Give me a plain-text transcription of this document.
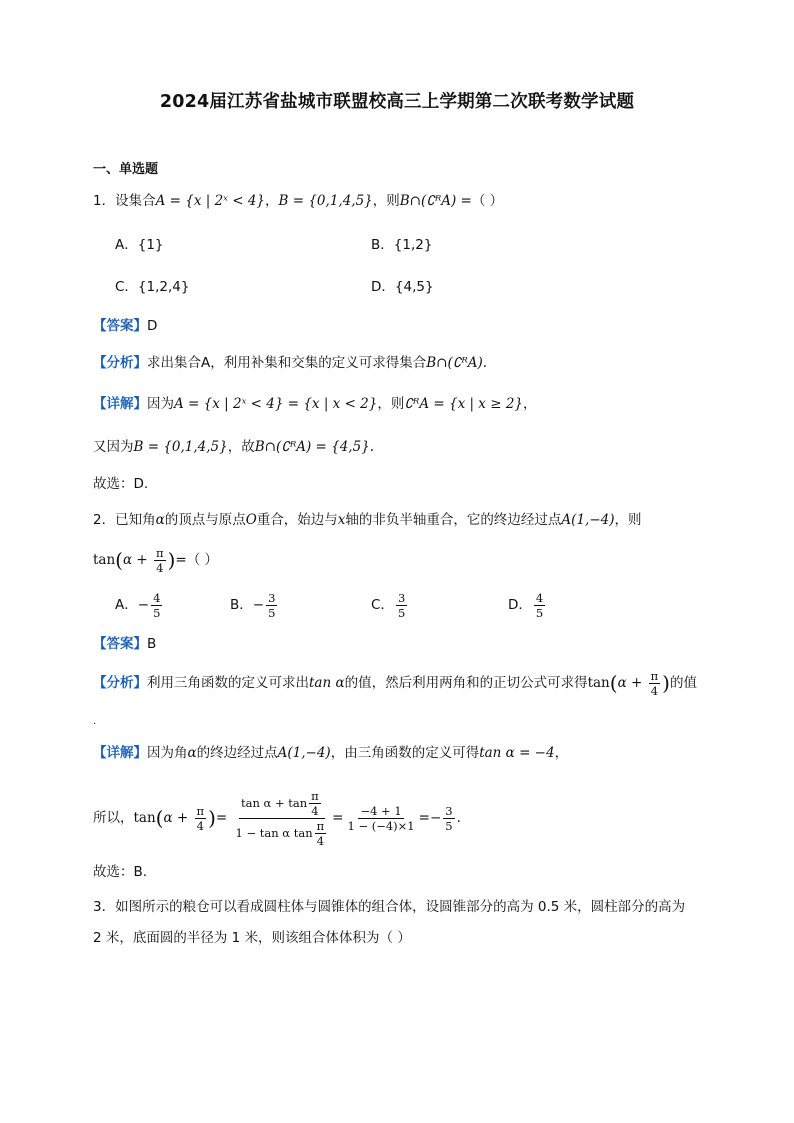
2024届江苏省盐城市联盟校高三上学期第二次联考数学试题
一、单选题
1．设集合A = {x | 2ˣ < 4}，B = {0,1,4,5}，则B∩(∁ᴿA) =（ ）
A．{1}	B．{1,2}
C．{1,2,4}	D．{4,5}
【答案】D
【分析】求出集合A，利用补集和交集的定义可求得集合B∩(∁ᴿA).
【详解】因为A = {x | 2ˣ < 4} = {x | x < 2}，则∁ᴿA = {x | x ≥ 2}，
又因为B = {0,1,4,5}，故B∩(∁ᴿA) = {4,5}.
故选：D.
2．已知角α的顶点与原点O重合，始边与x轴的非负半轴重合，它的终边经过点A(1,−4)，则
$\tan(\alpha + \frac{\pi}{4}$ )=（ ）
A．− $\frac{4}{5}$	B．− $\frac{3}{5}$	C． $\frac{3}{5}$	D． $\frac{4}{5}$
【答案】B
【分析】利用三角函数的定义可求出tan α的值，然后利用两角和的正切公式可求得$\tan(\alpha + \frac{\pi}{4}$ )的值
.
【详解】因为角α的终边经过点A(1,−4)，由三角函数的定义可得tan α = −4，
所以，$\tan(\alpha + \frac{\pi}{4}$ )= $\frac{\tan \alpha + \tan \frac{\pi}{4}}{1 - \tan \alpha \tan \frac{\pi}{4}} = \frac{-4 + 1}{1 - (-4)\times 1} =- \frac{3}{5}$ .
故选：B.
3．如图所示的粮仓可以看成圆柱体与圆锥体的组合体，设圆锥部分的高为 0.5 米，圆柱部分的高为
2 米，底面圆的半径为 1 米，则该组合体体积为（ ）
